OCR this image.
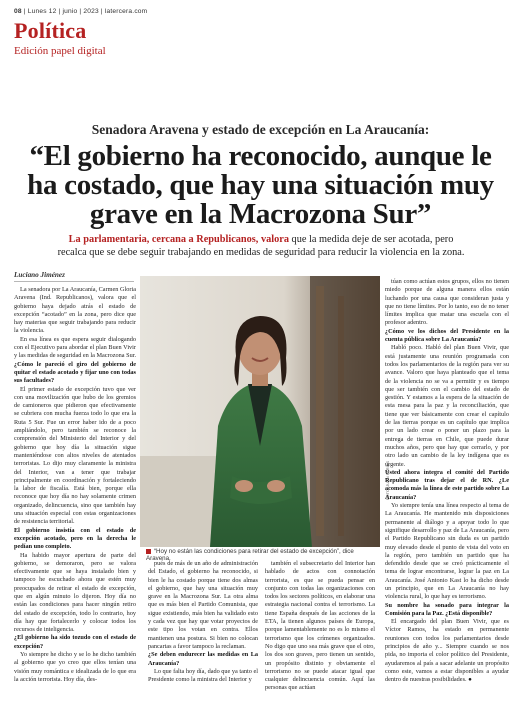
08 | Lunes 12 | junio | 2023 | latercera.com
Política
Edición papel digital
Senadora Aravena y estado de excepción en La Araucanía:
“El gobierno ha reconocido, aunque le ha costado, que hay una situación muy grave en la Macrozona Sur”
La parlamentaria, cercana a Republicanos, valora que la medida deje de ser acotada, pero recalca que se debe seguir trabajando en medidas de seguridad para reducir la violencia en la zona.
Luciano Jiménez

La senadora por La Araucanía, Carmen Gloria Aravena (Ind. Republicanos), valora que el gobierno haya dejado atrás el estado de excepción “acotado” en la zona, pero dice que hay materias que seguir trabajando para reducir la violencia.

En esa línea es que espera seguir dialogando con el Ejecutivo para abordar el plan Buen Vivir y las medidas de seguridad en la Macrozona Sur.

¿Cómo le pareció el giro del gobierno de quitar el estado acotado y fijar uno con todas sus facultades?

El primer estado de excepción tuvo que ver con una movilización que hubo de los gremios de camioneros que pidieron que efectivamente se cubriera con mucha fuerza todo lo que era la Ruta 5 Sur. Fue un error haber ido de a poco ampliándolo, pero también se reconoce la comprensión del Ministerio del Interior y del gobierno que hoy día la situación sigue manteniéndose con altos niveles de atentados terroristas. Lo dijo muy claramente la ministra del Interior, van a tener que trabajar principalmente en coordinación y fortaleciendo la labor de fiscalía. Está bien, porque ella reconoce que hoy día no hay solamente crimen organizado, delincuencia, sino que también hay una situación especial con estas organizaciones de resistencia territorial.

El gobierno insistía con el estado de excepción acotado, pero en la derecha le pedían uno completo.

Ha habido mayor apertura de parte del gobierno, se demoraron, pero se valora efectivamente que se haya instalado bien y tampoco he escuchado ahora que estén muy preocupados de retirar el estado de excepción, que en algún minuto lo dijeron. Hoy día no están las condiciones para hacer ningún retiro del estado de excepción, todo lo contrario, hoy día hay que fortalecerlo y colocar todos los recursos de inteligencia.

¿El gobierno ha sido tozudo con el estado de excepción?

Yo siempre he dicho y se lo he dicho también al gobierno que yo creo que ellos tenían una visión muy romántica e idealizada de lo que era la acción terrorista. Hoy día, des-

FOTO: JUAN FARÍAS
“Hoy no están las condiciones para retirar del estado de excepción”, dice Aravena.

pués de más de un año de administración del Estado, el gobierno ha reconocido, si bien le ha costado porque tiene dos almas el gobierno, que hay una situación muy grave en la Macrozona Sur. La otra alma que es más bien el Partido Comunista, que sigue existiendo, más bien ha validado esto y cada vez que hay que votar proyectos de este tipo los votan en contra. Ellos mantienen una postura. Si bien no colocan pancartas a favor tampoco la reclaman.

¿Se deben endurecer las medidas en La Araucanía?

Lo que falta hoy día, dado que ya tanto el Presidente como la ministra del Interior y

también el subsecretario del Interior han hablado de actos con connotación terrorista, es que se pueda pensar en conjunto con todas las organizaciones con todos los sectores políticos, en elaborar una estrategia nacional contra el terrorismo. La tiene España después de las acciones de la ETA, la tienen algunos países de Europa, porque lamentablemente no es lo mismo el terrorismo que los crímenes organizados. No digo que uno sea más grave que el otro, los dos son graves, pero tienen un sentido, un propósito distinto y obviamente el terrorismo no se puede atacar igual que cualquier delincuencia común. Aquí las personas que actúan

túan como actúan estos grupos, ellos no tienen miedo porque de alguna manera ellos están luchando por una causa que consideran justa y que no tiene límites. Por lo tanto, eso de no tener límites implica que matar una escuela con el profesor adentro.

¿Cómo ve los dichos del Presidente en la cuenta pública sobre La Araucanía?

Habló poco. Habló del plan Buen Vivir, que está justamente una reunión programada con todos los parlamentarios de la región para ver su avance. Valoro que haya planteado que el tema de la violencia no se va a permitir y es tiempo que ser también con el cambio del estado de gestión. Y estamos a la espera de la situación de esta mesa para la paz y la reconciliación, que tiene que ver básicamente con crear el capítulo de las tierras porque es un capítulo que implica por un lado crear o poner un plazo para la entrega de tierras en Chile, que puede durar muchos años, pero que hay que cerrarlo, y por otro lado un cambio de la ley indígena que es urgente.

Usted ahora integra el comité del Partido Republicano tras dejar el de RN. ¿Le acomoda más la línea de este partido sobre La Araucanía?

Yo siempre tenía una línea respecto al tema de La Araucanía. He mantenido mis disposiciones permanente al diálogo y a apoyar todo lo que signifique desarrollo y paz de La Araucanía, pero el Partido Republicano sin duda es un partido muy elevado desde el punto de vista del voto en la región, pero también un partido que ha defendido desde que se creó prácticamente el tema de lograr encontrarse, lograr la paz en La Araucanía. José Antonio Kast lo ha dicho desde un principio, que en La Araucanía no hay violencia rural, lo que hay es terrorismo.

Su nombre ha sonado para integrar la Comisión para la Paz. ¿Está disponible?

El encargado del plan Buen Vivir, que es Víctor Ramos, ha estado en permanente reuniones con todos los parlamentarios desde principios de año y... Siempre cuando se nos pida, no importa el color político del Presidente, ayudaremos al país a sacar adelante un propósito como este, vamos a estar disponibles a ayudar dentro de nuestras posibilidades. ●
